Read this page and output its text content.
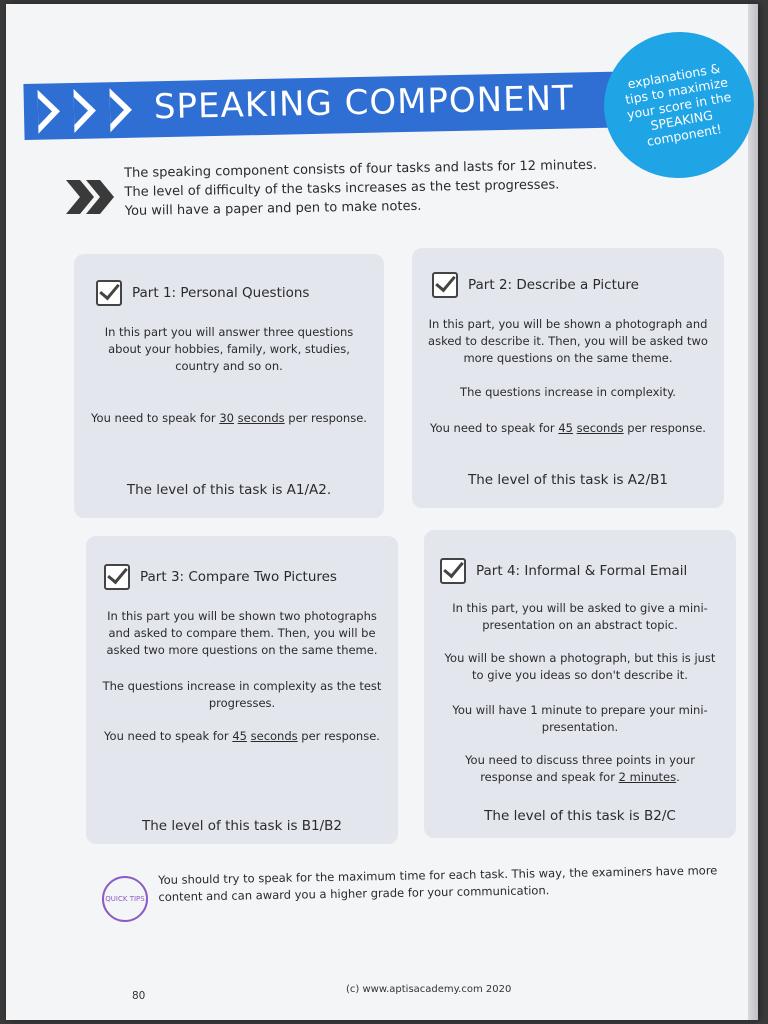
SPEAKING COMPONENT
explanations & tips to maximize your score in the SPEAKING component!
The speaking component consists of four tasks and lasts for 12 minutes.
The level of difficulty of the tasks increases as the test progresses.
You will have a paper and pen to make notes.
Part 1: Personal Questions

In this part you will answer three questions about your hobbies, family, work, studies, country and so on.

You need to speak for 30 seconds per response.

The level of this task is A1/A2.
Part 2: Describe a Picture

In this part, you will be shown a photograph and asked to describe it. Then, you will be asked two more questions on the same theme.

The questions increase in complexity.

You need to speak for 45 seconds per response.

The level of this task is A2/B1
Part 3: Compare Two Pictures

In this part you will be shown two photographs and asked to compare them. Then, you will be asked two more questions on the same theme.

The questions increase in complexity as the test progresses.

You need to speak for 45 seconds per response.

The level of this task is B1/B2
Part 4: Informal & Formal Email

In this part, you will be asked to give a mini-presentation on an abstract topic.

You will be shown a photograph, but this is just to give you ideas so don't describe it.

You will have 1 minute to prepare your mini-presentation.

You need to discuss three points in your response and speak for 2 minutes.

The level of this task is B2/C
QUICK TIPS
You should try to speak for the maximum time for each task. This way, the examiners have more content and can award you a higher grade for your communication.
80
(c) www.aptisacademy.com 2020
